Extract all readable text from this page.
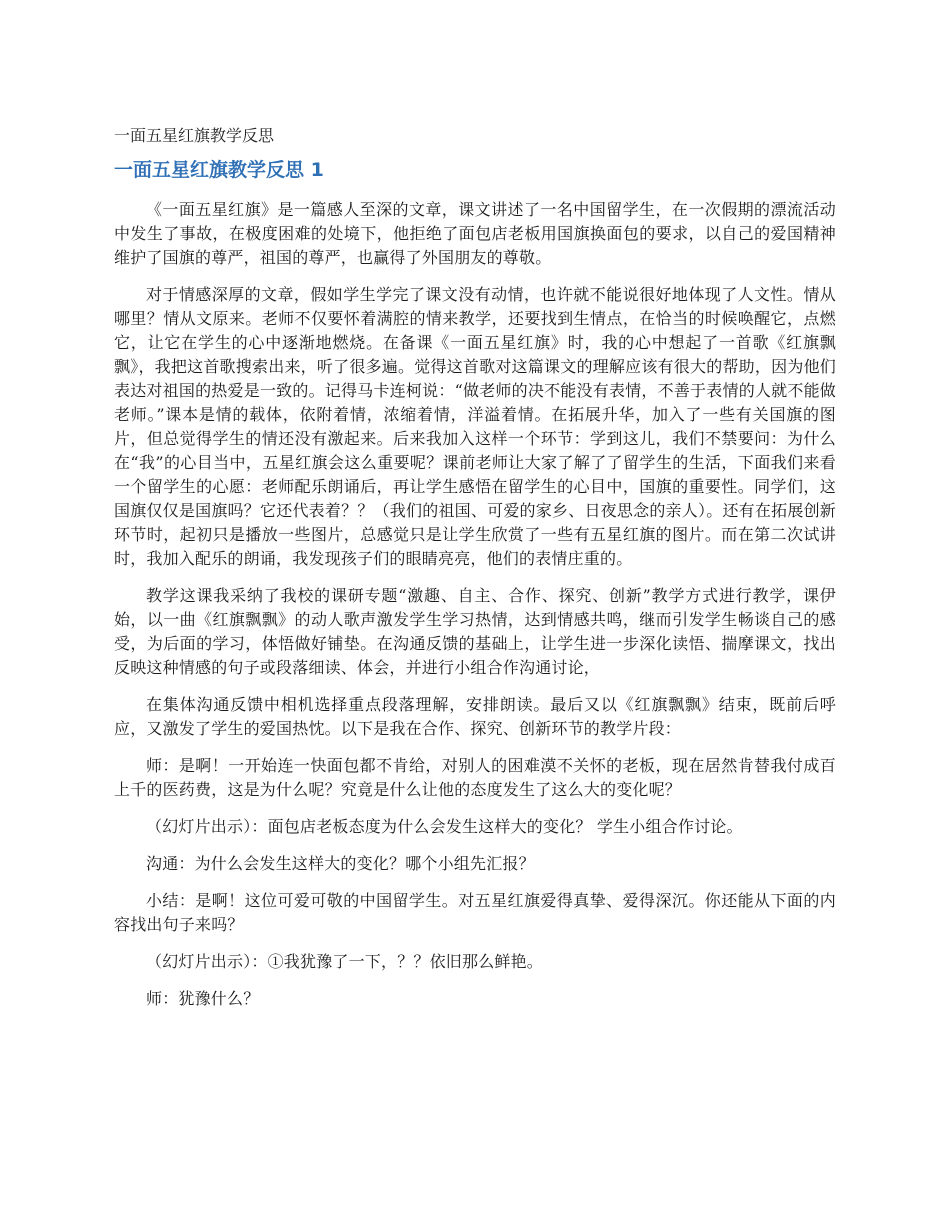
一面五星红旗教学反思
一面五星红旗教学反思 1

《一面五星红旗》是一篇感人至深的文章，课文讲述了一名中国留学生，在一次假期的漂流活动中发生了事故，在极度困难的处境下，他拒绝了面包店老板用国旗换面包的要求，以自己的爱国精神维护了国旗的尊严，祖国的尊严，也赢得了外国朋友的尊敬。

对于情感深厚的文章，假如学生学完了课文没有动情，也许就不能说很好地体现了人文性。情从哪里？情从文原来。老师不仅要怀着满腔的情来教学，还要找到生情点，在恰当的时候唤醒它，点燃它，让它在学生的心中逐渐地燃烧。在备课《一面五星红旗》时，我的心中想起了一首歌《红旗飘飘》，我把这首歌搜索出来，听了很多遍。觉得这首歌对这篇课文的理解应该有很大的帮助，因为他们表达对祖国的热爱是一致的。记得马卡连柯说：“做老师的决不能没有表情，不善于表情的人就不能做老师。”课本是情的载体，依附着情，浓缩着情，洋溢着情。在拓展升华，加入了一些有关国旗的图片，但总觉得学生的情还没有激起来。后来我加入这样一个环节：学到这儿，我们不禁要问：为什么在“我”的心目当中，五星红旗会这么重要呢？课前老师让大家了解了了留学生的生活，下面我们来看一个留学生的心愿：老师配乐朗诵后，再让学生感悟在留学生的心目中，国旗的重要性。同学们，这国旗仅仅是国旗吗？它还代表着？？（我们的祖国、可爱的家乡、日夜思念的亲人）。还有在拓展创新环节时，起初只是播放一些图片，总感觉只是让学生欣赏了一些有五星红旗的图片。而在第二次试讲时，我加入配乐的朗诵，我发现孩子们的眼睛亮亮，他们的表情庄重的。

教学这课我采纳了我校的课研专题“激趣、自主、合作、探究、创新”教学方式进行教学，课伊始，以一曲《红旗飘飘》的动人歌声激发学生学习热情，达到情感共鸣，继而引发学生畅谈自己的感受，为后面的学习，体悟做好铺垫。在沟通反馈的基础上，让学生进一步深化读悟、揣摩课文，找出反映这种情感的句子或段落细读、体会，并进行小组合作沟通讨论，

在集体沟通反馈中相机选择重点段落理解，安排朗读。最后又以《红旗飘飘》结束，既前后呼应，又激发了学生的爱国热忱。以下是我在合作、探究、创新环节的教学片段：

师：是啊！一开始连一快面包都不肯给，对别人的困难漠不关怀的老板，现在居然肯替我付成百上千的医药费，这是为什么呢？究竟是什么让他的态度发生了这么大的变化呢？

（幻灯片出示）：面包店老板态度为什么会发生这样大的变化？ 学生小组合作讨论。

沟通：为什么会发生这样大的变化？哪个小组先汇报？

小结：是啊！这位可爱可敬的中国留学生。对五星红旗爱得真挚、爱得深沉。你还能从下面的内容找出句子来吗？

（幻灯片出示）：①我犹豫了一下，？？依旧那么鲜艳。

师：犹豫什么？
